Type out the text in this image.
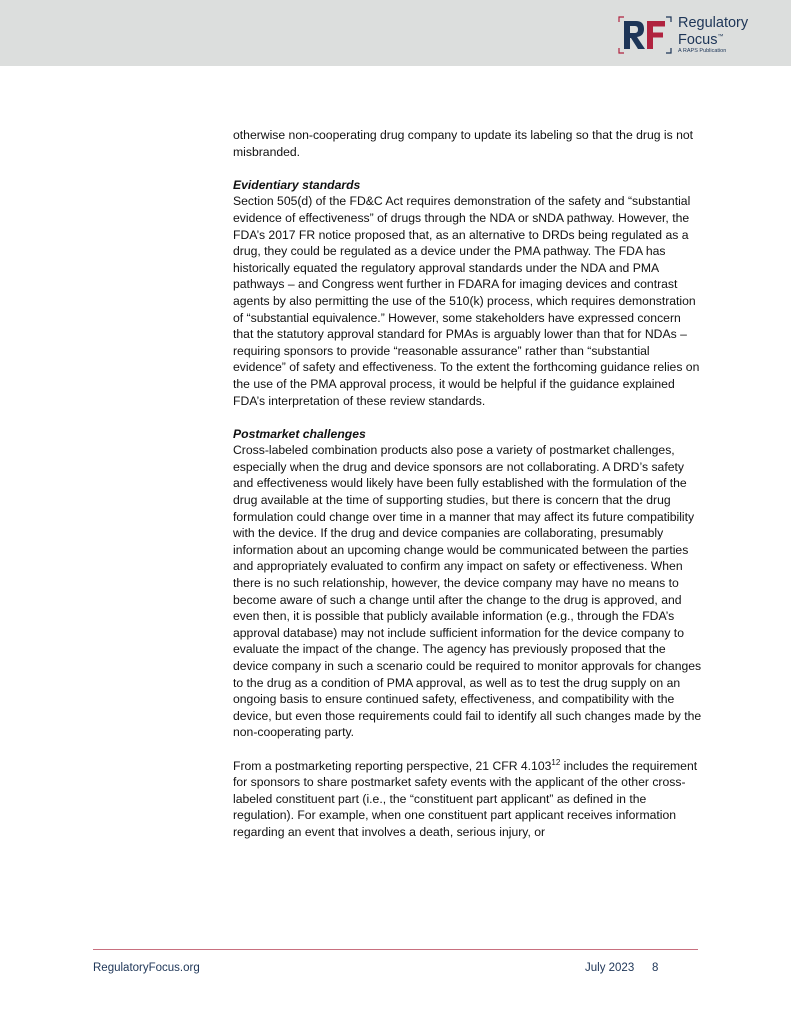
Regulatory
Focus™
A RAPS Publication

otherwise non-cooperating drug company to update its labeling so that the drug is not misbranded.

Evidentiary standards
Section 505(d) of the FD&C Act requires demonstration of the safety and “substantial evidence of effectiveness” of drugs through the NDA or sNDA pathway. However, the FDA’s 2017 FR notice proposed that, as an alternative to DRDs being regulated as a drug, they could be regulated as a device under the PMA pathway. The FDA has historically equated the regulatory approval standards under the NDA and PMA pathways – and Congress went further in FDARA for imaging devices and contrast agents by also permitting the use of the 510(k) process, which requires demonstration of “substantial equivalence.” However, some stakeholders have expressed concern that the statutory approval standard for PMAs is arguably lower than that for NDAs – requiring sponsors to provide “reasonable assurance” rather than “substantial evidence” of safety and effectiveness. To the extent the forthcoming guidance relies on the use of the PMA approval process, it would be helpful if the guidance explained FDA’s interpretation of these review standards.

Postmarket challenges
Cross-labeled combination products also pose a variety of postmarket challenges, especially when the drug and device sponsors are not collaborating. A DRD’s safety and effectiveness would likely have been fully established with the formulation of the drug available at the time of supporting studies, but there is concern that the drug formulation could change over time in a manner that may affect its future compatibility with the device. If the drug and device companies are collaborating, presumably information about an upcoming change would be communicated between the parties and appropriately evaluated to confirm any impact on safety or effectiveness. When there is no such relationship, however, the device company may have no means to become aware of such a change until after the change to the drug is approved, and even then, it is possible that publicly available information (e.g., through the FDA’s approval database) may not include sufficient information for the device company to evaluate the impact of the change. The agency has previously proposed that the device company in such a scenario could be required to monitor approvals for changes to the drug as a condition of PMA approval, as well as to test the drug supply on an ongoing basis to ensure continued safety, effectiveness, and compatibility with the device, but even those requirements could fail to identify all such changes made by the non-cooperating party.

From a postmarketing reporting perspective, 21 CFR 4.103$^{12}$ includes the requirement for sponsors to share postmarket safety events with the applicant of the other cross-labeled constituent part (i.e., the “constituent part applicant” as defined in the regulation). For example, when one constituent part applicant receives information regarding an event that involves a death, serious injury, or

RegulatoryFocus.org	July 2023 8
